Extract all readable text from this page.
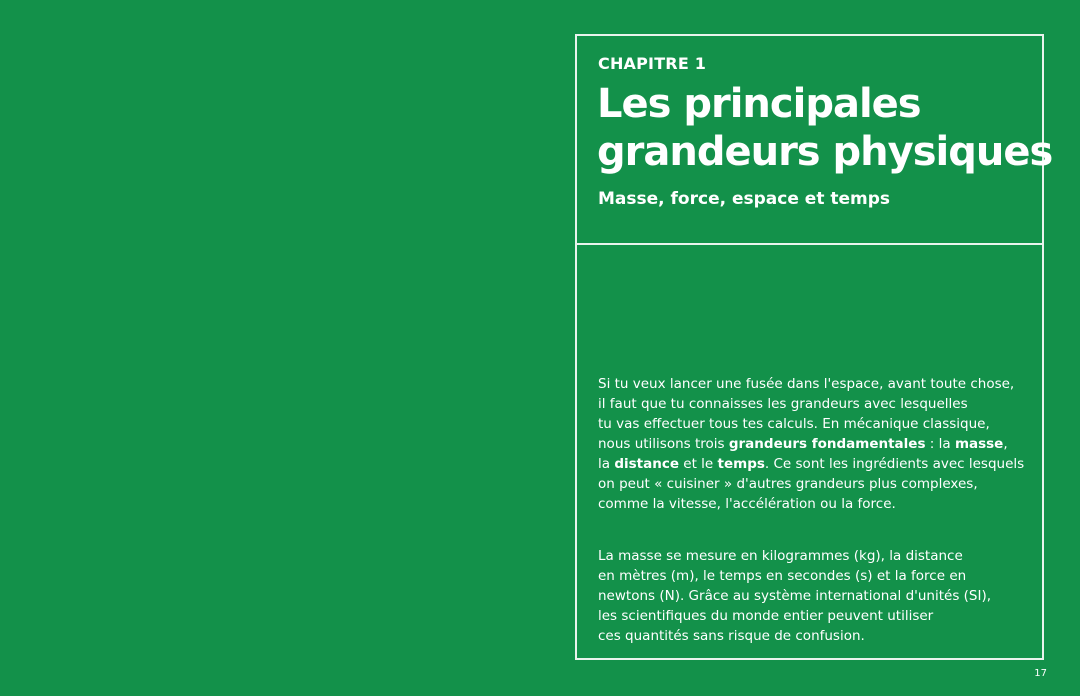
CHAPITRE 1
Les principales
grandeurs physiques
Masse, force, espace et temps

Si tu veux lancer une fusée dans l'espace, avant toute chose,
il faut que tu connaisses les grandeurs avec lesquelles
tu vas effectuer tous tes calculs. En mécanique classique,
nous utilisons trois grandeurs fondamentales : la masse,
la distance et le temps. Ce sont les ingrédients avec lesquels
on peut « cuisiner » d'autres grandeurs plus complexes,
comme la vitesse, l'accélération ou la force.

La masse se mesure en kilogrammes (kg), la distance
en mètres (m), le temps en secondes (s) et la force en
newtons (N). Grâce au système international d'unités (SI),
les scientifiques du monde entier peuvent utiliser
ces quantités sans risque de confusion.

17
